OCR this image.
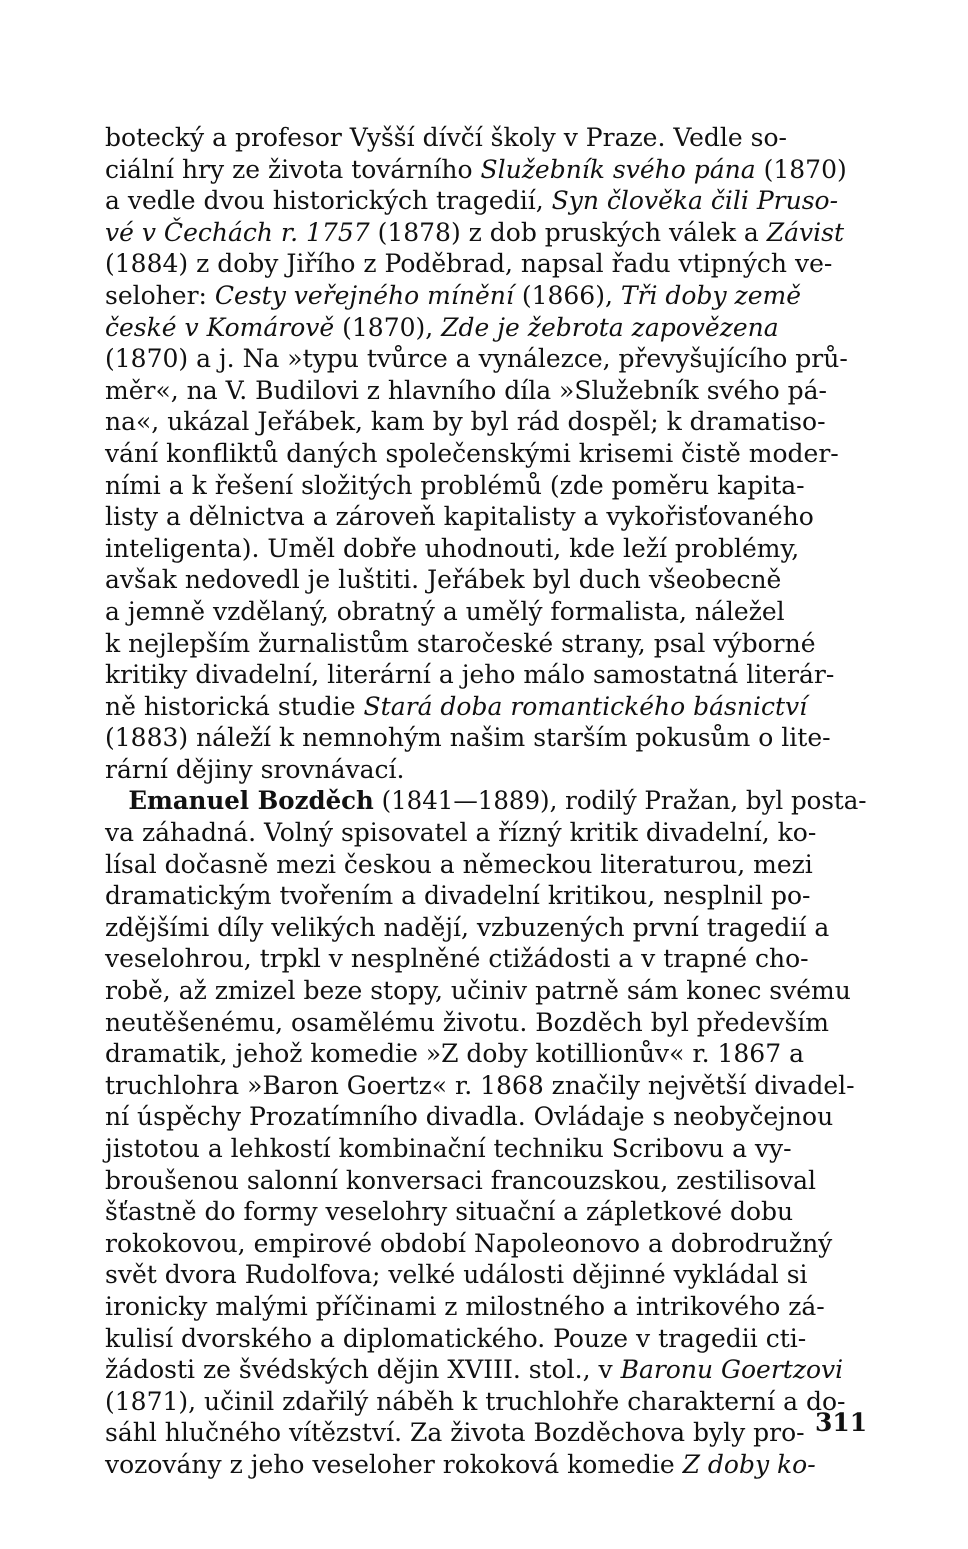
botecký a profesor Vyšší dívčí školy v Praze. Vedle so-
ciální hry ze života továrního Služebník svého pána (1870)
a vedle dvou historických tragedií, Syn člověka čili Pruso-
vé v Čechách r. 1757 (1878) z dob pruských válek a Závist
(1884) z doby Jiřího z Poděbrad, napsal řadu vtipných ve-
seloher: Cesty veřejného mínění (1866), Tři doby země
české v Komárově (1870), Zde je žebrota zapovězena
(1870) a j. Na »typu tvůrce a vynálezce, převyšujícího prů-
měr«, na V. Budilovi z hlavního díla »Služebník svého pá-
na«, ukázal Jeřábek, kam by byl rád dospěl; k dramatiso-
vání konfliktů daných společenskými krisemi čistě moder-
ními a k řešení složitých problémů (zde poměru kapita-
listy a dělnictva a zároveň kapitalisty a vykořisťovaného
inteligenta). Uměl dobře uhodnouti, kde leží problémy,
avšak nedovedl je luštiti. Jeřábek byl duch všeobecně
a jemně vzdělaný, obratný a umělý formalista, náležel
k nejlepším žurnalistům staročeské strany, psal výborné
kritiky divadelní, literární a jeho málo samostatná literár-
ně historická studie Stará doba romantického básnictví
(1883) náleží k nemnohým našim starším pokusům o lite-
rární dějiny srovnávací.
Emanuel Bozděch (1841—1889), rodilý Pražan, byl posta-
va záhadná. Volný spisovatel a řízný kritik divadelní, ko-
lísal dočasně mezi českou a německou literaturou, mezi
dramatickým tvořením a divadelní kritikou, nesplnil po-
zdějšími díly velikých nadějí, vzbuzených první tragedií a
veselohrou, trpkl v nesplněné ctižádosti a v trapné cho-
robě, až zmizel beze stopy, učiniv patrně sám konec svému
neutěšenému, osamělému životu. Bozděch byl především
dramatik, jehož komedie »Z doby kotillionův« r. 1867 a
truchlohra »Baron Goertz« r. 1868 značily největší divadel-
ní úspěchy Prozatímního divadla. Ovládaje s neobyčejnou
jistotou a lehkostí kombinační techniku Scribovu a vy-
broušenou salonní konversaci francouzskou, zestilisoval
šťastně do formy veselohry situační a zápletkové dobu
rokokovou, empirové období Napoleonovo a dobrodružný
svět dvora Rudolfova; velké události dějinné vykládal si
ironicky malými příčinami z milostného a intrikového zá-
kulisí dvorského a diplomatického. Pouze v tragedii cti-
žádosti ze švédských dějin XVIII. stol., v Baronu Goertzovi
(1871), učinil zdařilý náběh k truchlohře charakterní a do-
sáhl hlučného vítězství. Za života Bozděchova byly pro-
vozovány z jeho veseloher rokoková komedie Z doby ko-
311
